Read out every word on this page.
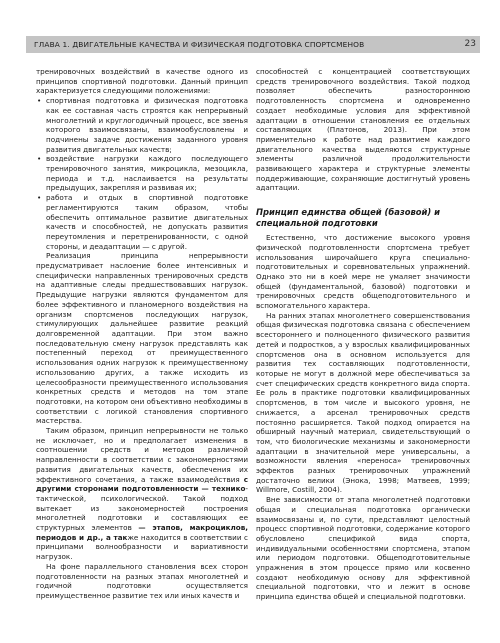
ГЛАВА 1. ДВИГАТЕЛЬНЫЕ КАЧЕСТВА И ФИЗИЧЕСКАЯ ПОДГОТОВКА СПОРТСМЕНОВ	23

тренировочных воздействий в качестве одного из принципов спортивной подготовки. Данный принцип характеризуется следующими положениями:

• спортивная подготовка и физическая подготовка как ее составная часть строятся как непрерывный многолетний и круглогодичный процесс, все звенья которого взаимосвязаны, взаимообусловлены и подчинены задаче достижения заданного уровня развития двигательных качеств;
• воздействие нагрузки каждого последующего тренировочного занятия, микроцикла, мезоцикла, периода и т.д. наслаивается на результаты предыдущих, закрепляя и развивая их;
• работа и отдых в спортивной подготовке регламентируются таким образом, чтобы обеспечить оптимальное развитие двигательных качеств и способностей, не допускать развития переутомления и перетренированности, с одной стороны, и деадаптации — с другой.

Реализация принципа непрерывности предусматривает наслоение более интенсивных и специфически направленных тренировочных средств на адаптивные следы предшествовавших нагрузок. Предыдущие нагрузки являются фундаментом для более эффективного и планомерного воздействия на организм спортсменов последующих нагрузок, стимулирующих дальнейшее развитие реакций долговременной адаптации. При этом важно последовательную смену нагрузок представлять как постепенный переход от преимущественного использования одних нагрузок к преимущественному использованию других, а также исходить из целесообразности преимущественного использования конкретных средств и методов на том этапе подготовки, на котором они объективно необходимы в соответствии с логикой становления спортивного мастерства.

Таким образом, принцип непрерывности не только не исключает, но и предполагает изменения в соотношении средств и методов различной направленности в соответствии с закономерностями развития двигательных качеств, обеспечения их эффективного сочетания, а также взаимодействия с другими сторонами подготовленности — технико-тактической, психологической. Такой подход вытекает из закономерностей построения многолетней подготовки и составляющих ее структурных элементов — этапов, макроциклов, периодов и др., а также находится в соответствии с принципами волнообразности и вариативности нагрузок.

На фоне параллельного становления всех сторон подготовленности на разных этапах многолетней и годичной подготовки осуществляется преимущественное развитие тех или иных качеств и

способностей с концентрацией соответствующих средств тренировочного воздействия. Такой подход позволяет обеспечить разностороннюю подготовленность спортсмена и одновременно создает необходимые условия для эффективной адаптации в отношении становления ее отдельных составляющих (Платонов, 2013). При этом применительно к работе над развитием каждого двигательного качества выделяются структурные элементы различной продолжительности развивающего характера и структурные элементы поддерживающие, сохраняющие достигнутый уровень адаптации.

Принцип единства общей (базовой) и специальной подготовки

Естественно, что достижение высокого уровня физической подготовленности спортсмена требует использования широчайшего круга специально-подготовительных и соревновательных упражнений. Однако это ни в коей мере не умаляет значимости общей (фундаментальной, базовой) подготовки и тренировочных средств общеподготовительного и вспомогательного характера.

На ранних этапах многолетнего совершенствования общая физическая подготовка связана с обеспечением всестороннего и полноценного физического развития детей и подростков, а у взрослых квалифицированных спортсменов она в основном используется для развития тех составляющих подготовленности, которые не могут в должной мере обеспечиваться за счет специфических средств конкретного вида спорта. Ее роль в практике подготовки квалифицированных спортсменов, в том числе и высокого уровня, не снижается, а арсенал тренировочных средств постоянно расширяется. Такой подход опирается на обширный научный материал, свидетельствующий о том, что биологические механизмы и закономерности адаптации в значительной мере универсальны, а возможности явления «переноса» тренировочных эффектов разных тренировочных упражнений достаточно велики (Энока, 1998; Матвеев, 1999; Willmore, Costill, 2004).

Вне зависимости от этапа многолетней подготовки общая и специальная подготовка органически взаимосвязаны и, по сути, представляют целостный процесс спортивной подготовки, содержание которого обусловлено спецификой вида спорта, индивидуальными особенностями спортсмена, этапом или периодом подготовки. Общеподготовительные упражнения в этом процессе прямо или косвенно создают необходимую основу для эффективной специальной подготовки, что и лежит в основе принципа единства общей и специальной подготовки.
